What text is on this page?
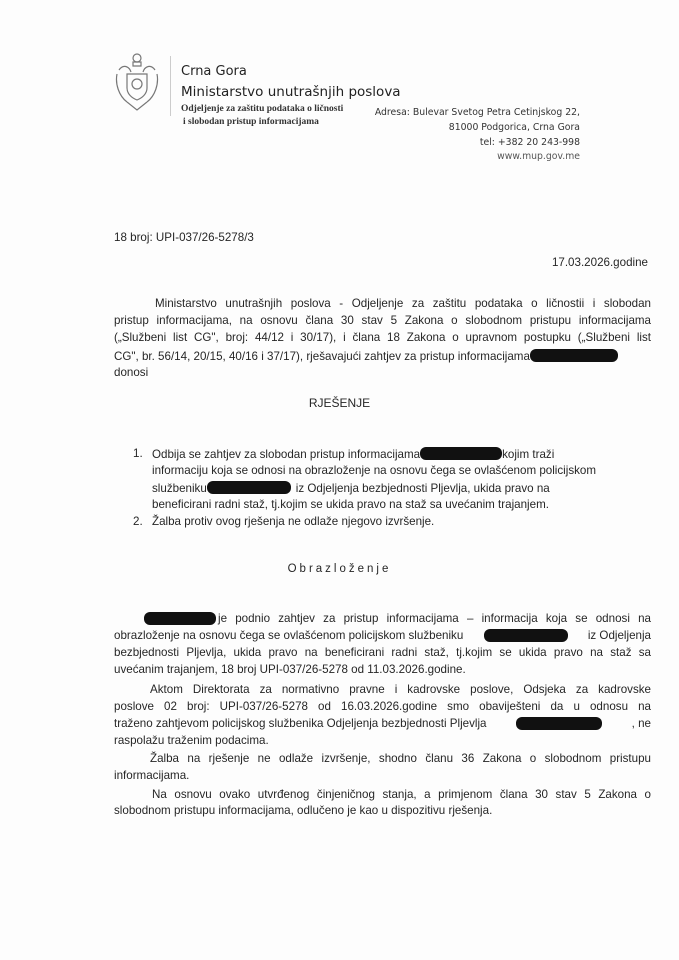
Crna Gora
Ministarstvo unutrašnjih poslova
Odjeljenje za zaštitu podataka o ličnosti
i slobodan pristup informacijama
Adresa: Bulevar Svetog Petra Cetinjskog 22,
81000 Podgorica, Crna Gora
tel: +382 20 243-998
www.mup.gov.me
18 broj: UPI-037/26-5278/3
17.03.2026.godine
Ministarstvo unutrašnjih poslova - Odjeljenje za zaštitu podataka o ličnostii i slobodan
pristup informacijama, na osnovu člana 30 stav 5 Zakona o slobodnom pristupu informacijama
(„Službeni list CG", broj: 44/12 i 30/17), i člana 18 Zakona o upravnom postupku („Službeni list
CG", br. 56/14, 20/15, 40/16 i 37/17), rješavajući zahtjev za pristup informacijama
donosi
RJEŠENJE
1. Odbija se zahtjev za slobodan pristup informacijama	kojim traži
informaciju koja se odnosi na obrazloženje na osnovu čega se ovlašćenom policijskom
službeniku	iz Odjeljenja bezbjednosti Pljevlja, ukida pravo na
beneficirani radni staž, tj.kojim se ukida pravo na staž sa uvećanim trajanjem.
2. Žalba protiv ovog rješenja ne odlaže njegovo izvršenje.
Obrazloženje
je podnio zahtjev za pristup informacijama – informacija koja se odnosi na
obrazloženje na osnovu čega se ovlašćenom policijskom službeniku	iz Odjeljenja
bezbjednosti Pljevlja, ukida pravo na beneficirani radni staž, tj.kojim se ukida pravo na staž sa
uvećanim trajanjem, 18 broj UPI-037/26-5278 od 11.03.2026.godine.
Aktom Direktorata za normativno pravne i kadrovske poslove, Odsjeka za kadrovske
poslove 02 broj: UPI-037/26-5278 od 16.03.2026.godine smo obaviješteni da u odnosu na
traženo zahtjevom policijskog službenika Odjeljenja bezbjednosti Pljevlja	, ne
raspolažu traženim podacima.
Žalba na rješenje ne odlaže izvršenje, shodno članu 36 Zakona o slobodnom pristupu
informacijama.
Na osnovu ovako utvrđenog činjeničnog stanja, a primjenom člana 30 stav 5 Zakona o
slobodnom pristupu informacijama, odlučeno je kao u dispozitivu rješenja.
